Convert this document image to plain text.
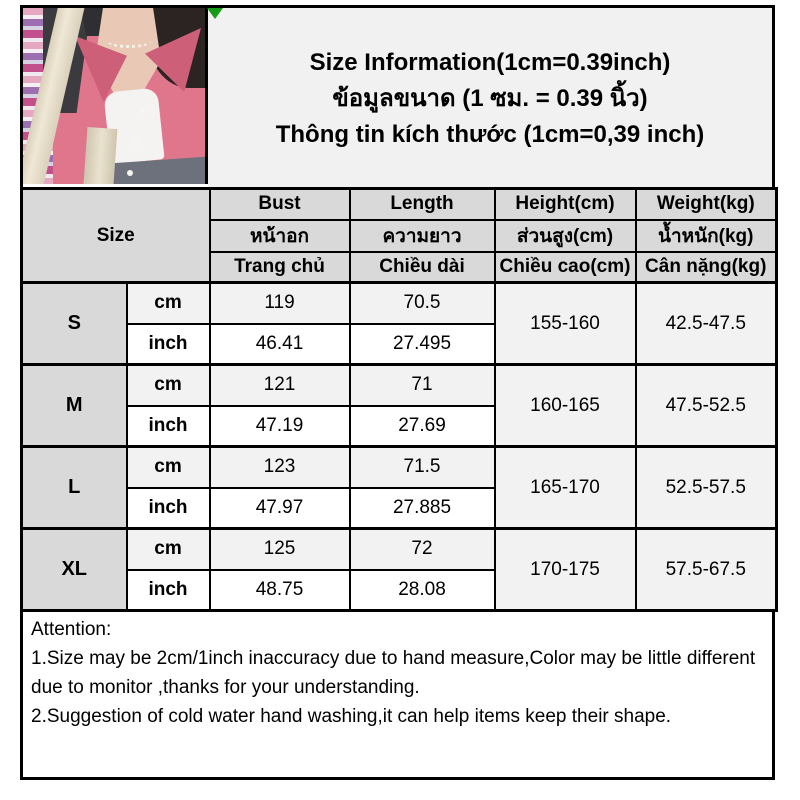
Size Information(1cm=0.39inch)
ข้อมูลขนาด (1 ซม. = 0.39 นิ้ว)
Thông tin kích thước (1cm=0,39 inch)
Size		Bust	Length	Height(cm)	Weight(kg)
		หน้าอก	ความยาว	ส่วนสูง(cm)	น้ำหนัก(kg)
		Trang chủ	Chiều dài	Chiều cao(cm)	Cân nặng(kg)
S	cm	119	70.5	155-160	42.5-47.5
	inch	46.41	27.495		
M	cm	121	71	160-165	47.5-52.5
	inch	47.19	27.69		
L	cm	123	71.5	165-170	52.5-57.5
	inch	47.97	27.885		
XL	cm	125	72	170-175	57.5-67.5
	inch	48.75	28.08		
Attention:
1.Size may be 2cm/1inch inaccuracy due to hand measure,Color may be little different due to monitor ,thanks for your understanding.
2.Suggestion of cold water hand washing,it can help items keep their shape.
